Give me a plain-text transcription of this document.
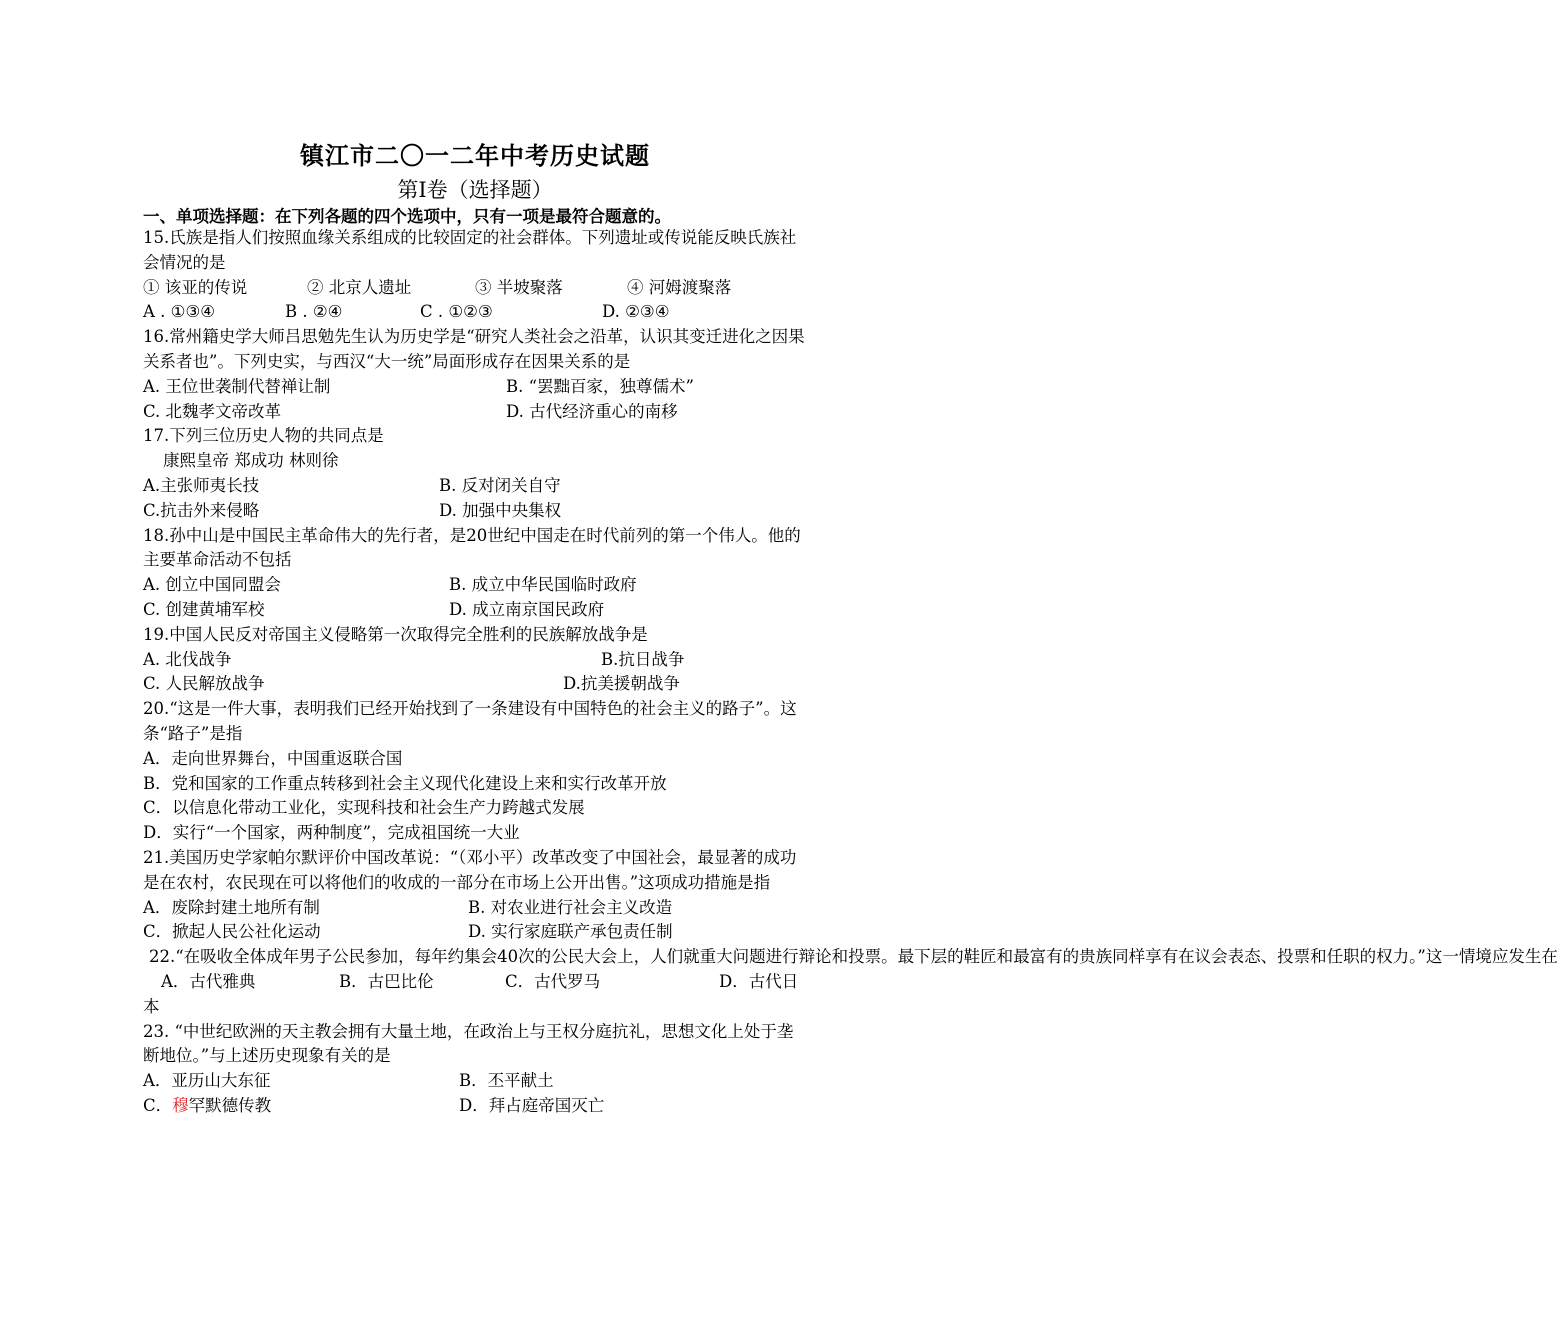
镇江市二〇一二年中考历史试题
第Ⅰ卷（选择题）
一、单项选择题：在下列各题的四个选项中，只有一项是最符合题意的。

15.氏族是指人们按照血缘关系组成的比较固定的社会群体。下列遗址或传说能反映氏族社会情况的是

① 该亚的传说	② 北京人遗址	③ 半坡聚落	④ 河姆渡聚落
A . ①③④	B . ②④	C . ①②③	D. ②③④

16.常州籍史学大师吕思勉先生认为历史学是“研究人类社会之沿革，认识其变迁进化之因果关系者也”。下列史实，与西汉“大一统”局面形成存在因果关系的是

A. 王位世袭制代替禅让制	B. “罢黜百家，独尊儒术”
C. 北魏孝文帝改革	D. 古代经济重心的南移

17.下列三位历史人物的共同点是

康熙皇帝 郑成功 林则徐

A.主张师夷长技	B. 反对闭关自守
C.抗击外来侵略	D. 加强中央集权

18.孙中山是中国民主革命伟大的先行者，是20世纪中国走在时代前列的第一个伟人。他的主要革命活动不包括

A. 创立中国同盟会	B. 成立中华民国临时政府
C. 创建黄埔军校	D. 成立南京国民政府

19.中国人民反对帝国主义侵略第一次取得完全胜利的民族解放战争是

A. 北伐战争	B.抗日战争
C. 人民解放战争	D.抗美援朝战争

20.“这是一件大事，表明我们已经开始找到了一条建设有中国特色的社会主义的路子”。这条“路子”是指

A．走向世界舞台，中国重返联合国

B．党和国家的工作重点转移到社会主义现代化建设上来和实行改革开放

C．以信息化带动工业化，实现科技和社会生产力跨越式发展

D．实行“一个国家，两种制度”，完成祖国统一大业

21.美国历史学家帕尔默评价中国改革说：“（邓小平）改革改变了中国社会，最显著的成功是在农村，农民现在可以将他们的收成的一部分在市场上公开出售。”这项成功措施是指

A．废除封建土地所有制	B. 对农业进行社会主义改造
C．掀起人民公社化运动	D. 实行家庭联产承包责任制

22.“在吸收全体成年男子公民参加，每年约集会40次的公民大会上，人们就重大问题进行辩论和投票。最下层的鞋匠和最富有的贵族同样享有在议会表态、投票和任职的权力。”这一情境应发生在

A．古代雅典	B．古巴比伦	C．古代罗马	D．古代日

本

23. “中世纪欧洲的天主教会拥有大量土地，在政治上与王权分庭抗礼，思想文化上处于垄断地位。”与上述历史现象有关的是

A．亚历山大东征	B．丕平献土
C．穆罕默德传教	D．拜占庭帝国灭亡
